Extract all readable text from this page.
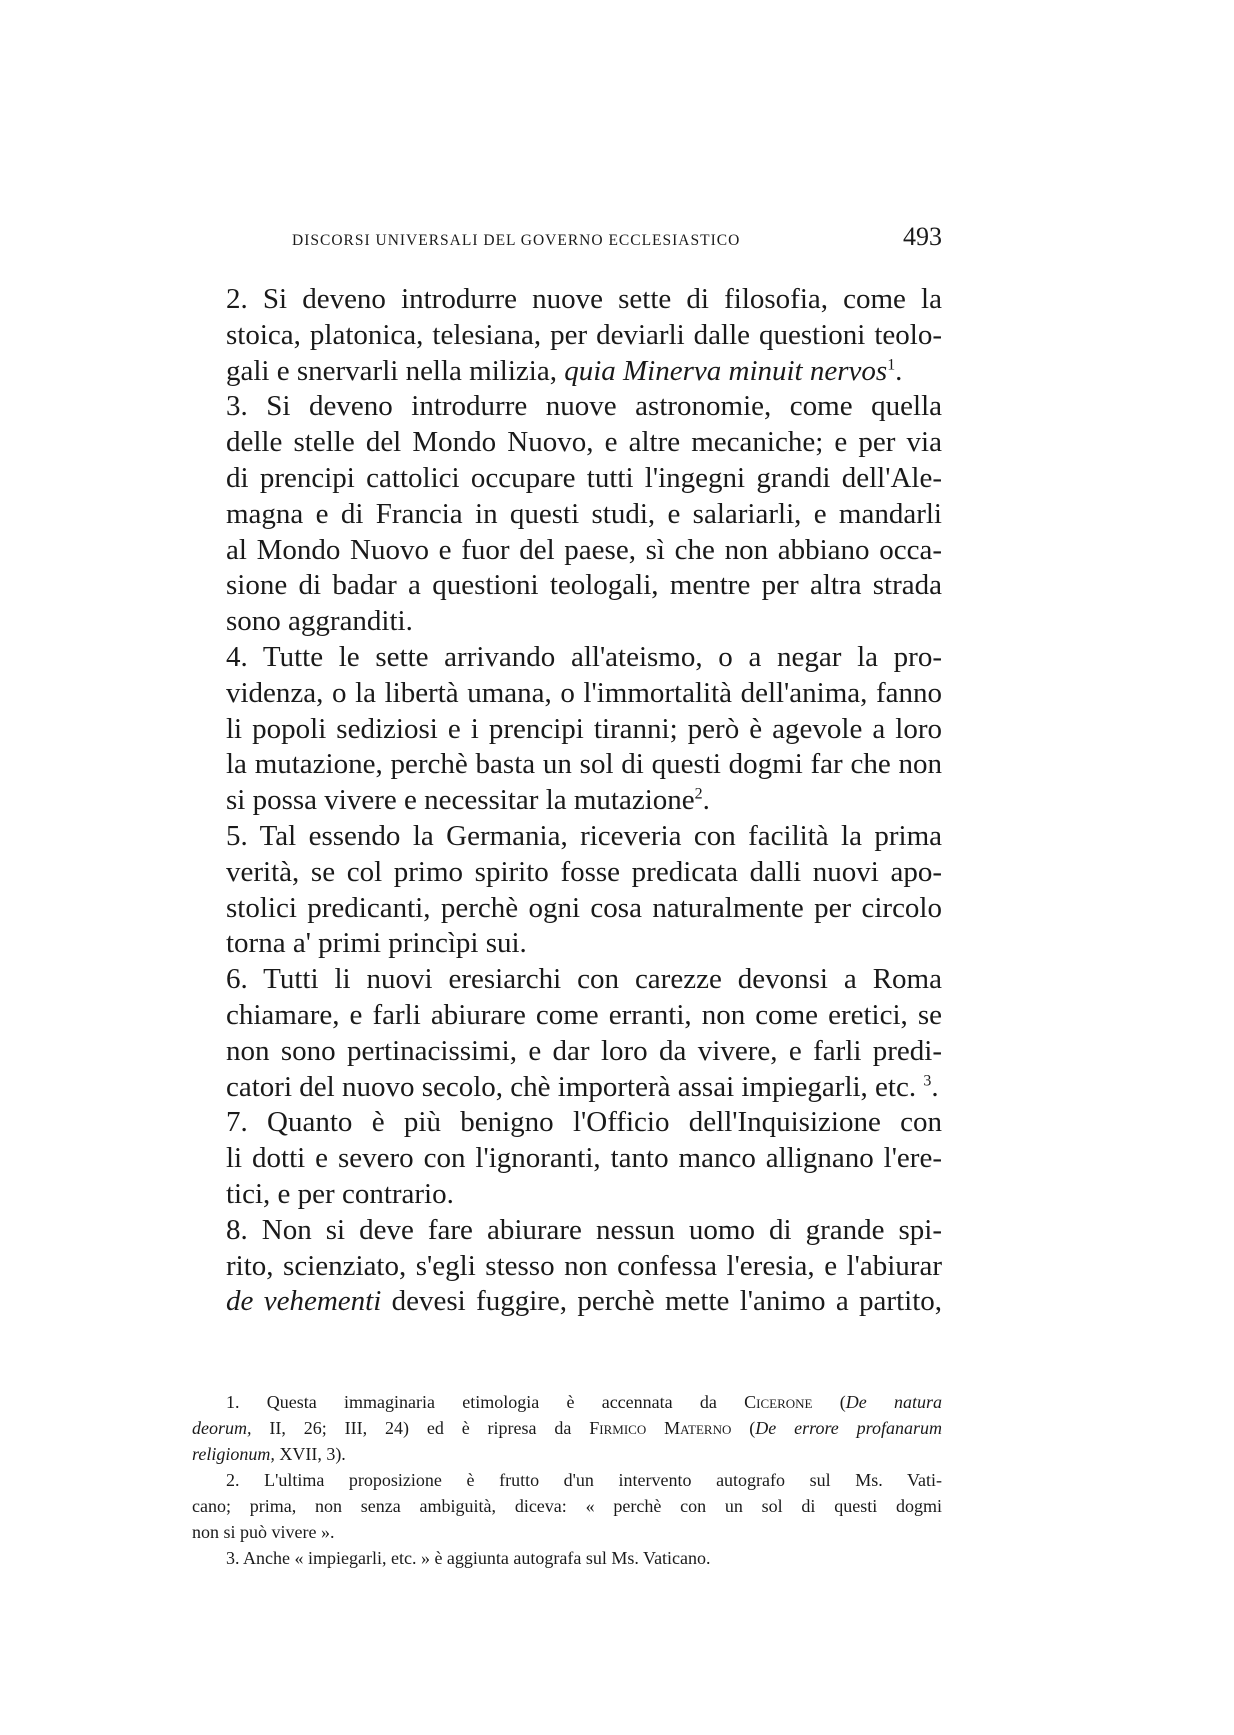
DISCORSI UNIVERSALI DEL GOVERNO ECCLESIASTICO	493
2. Si deveno introdurre nuove sette di filosofia, come la
stoica, platonica, telesiana, per deviarli dalle questioni teolo-
gali e snervarli nella milizia, quia Minerva minuit nervos$^1$.
3. Si deveno introdurre nuove astronomie, come quella
delle stelle del Mondo Nuovo, e altre mecaniche; e per via
di prencipi cattolici occupare tutti l'ingegni grandi dell'Ale-
magna e di Francia in questi studi, e salariarli, e mandarli
al Mondo Nuovo e fuor del paese, sì che non abbiano occa-
sione di badar a questioni teologali, mentre per altra strada
sono aggranditi.
4. Tutte le sette arrivando all'ateismo, o a negar la pro-
videnza, o la libertà umana, o l'immortalità dell'anima, fanno
li popoli sediziosi e i prencipi tiranni; però è agevole a loro
la mutazione, perchè basta un sol di questi dogmi far che non
si possa vivere e necessitar la mutazione$^2$.
5. Tal essendo la Germania, riceveria con facilità la prima
verità, se col primo spirito fosse predicata dalli nuovi apo-
stolici predicanti, perchè ogni cosa naturalmente per circolo
torna a' primi princìpi sui.
6. Tutti li nuovi eresiarchi con carezze devonsi a Roma
chiamare, e farli abiurare come erranti, non come eretici, se
non sono pertinacissimi, e dar loro da vivere, e farli predi-
catori del nuovo secolo, chè importerà assai impiegarli, etc. $^3$.
7. Quanto è più benigno l'Officio dell'Inquisizione con
li dotti e severo con l'ignoranti, tanto manco allignano l'ere-
tici, e per contrario.
8. Non si deve fare abiurare nessun uomo di grande spi-
rito, scienziato, s'egli stesso non confessa l'eresia, e l'abiurar
de vehementi devesi fuggire, perchè mette l'animo a partito,
1. Questa immaginaria etimologia è accennata da Cicerone (De natura
deorum, II, 26; III, 24) ed è ripresa da Firmico Materno (De errore profanarum
religionum, XVII, 3).
2. L'ultima proposizione è frutto d'un intervento autografo sul Ms. Vati-
cano; prima, non senza ambiguità, diceva: « perchè con un sol di questi dogmi
non si può vivere ».
3. Anche « impiegarli, etc. » è aggiunta autografa sul Ms. Vaticano.
